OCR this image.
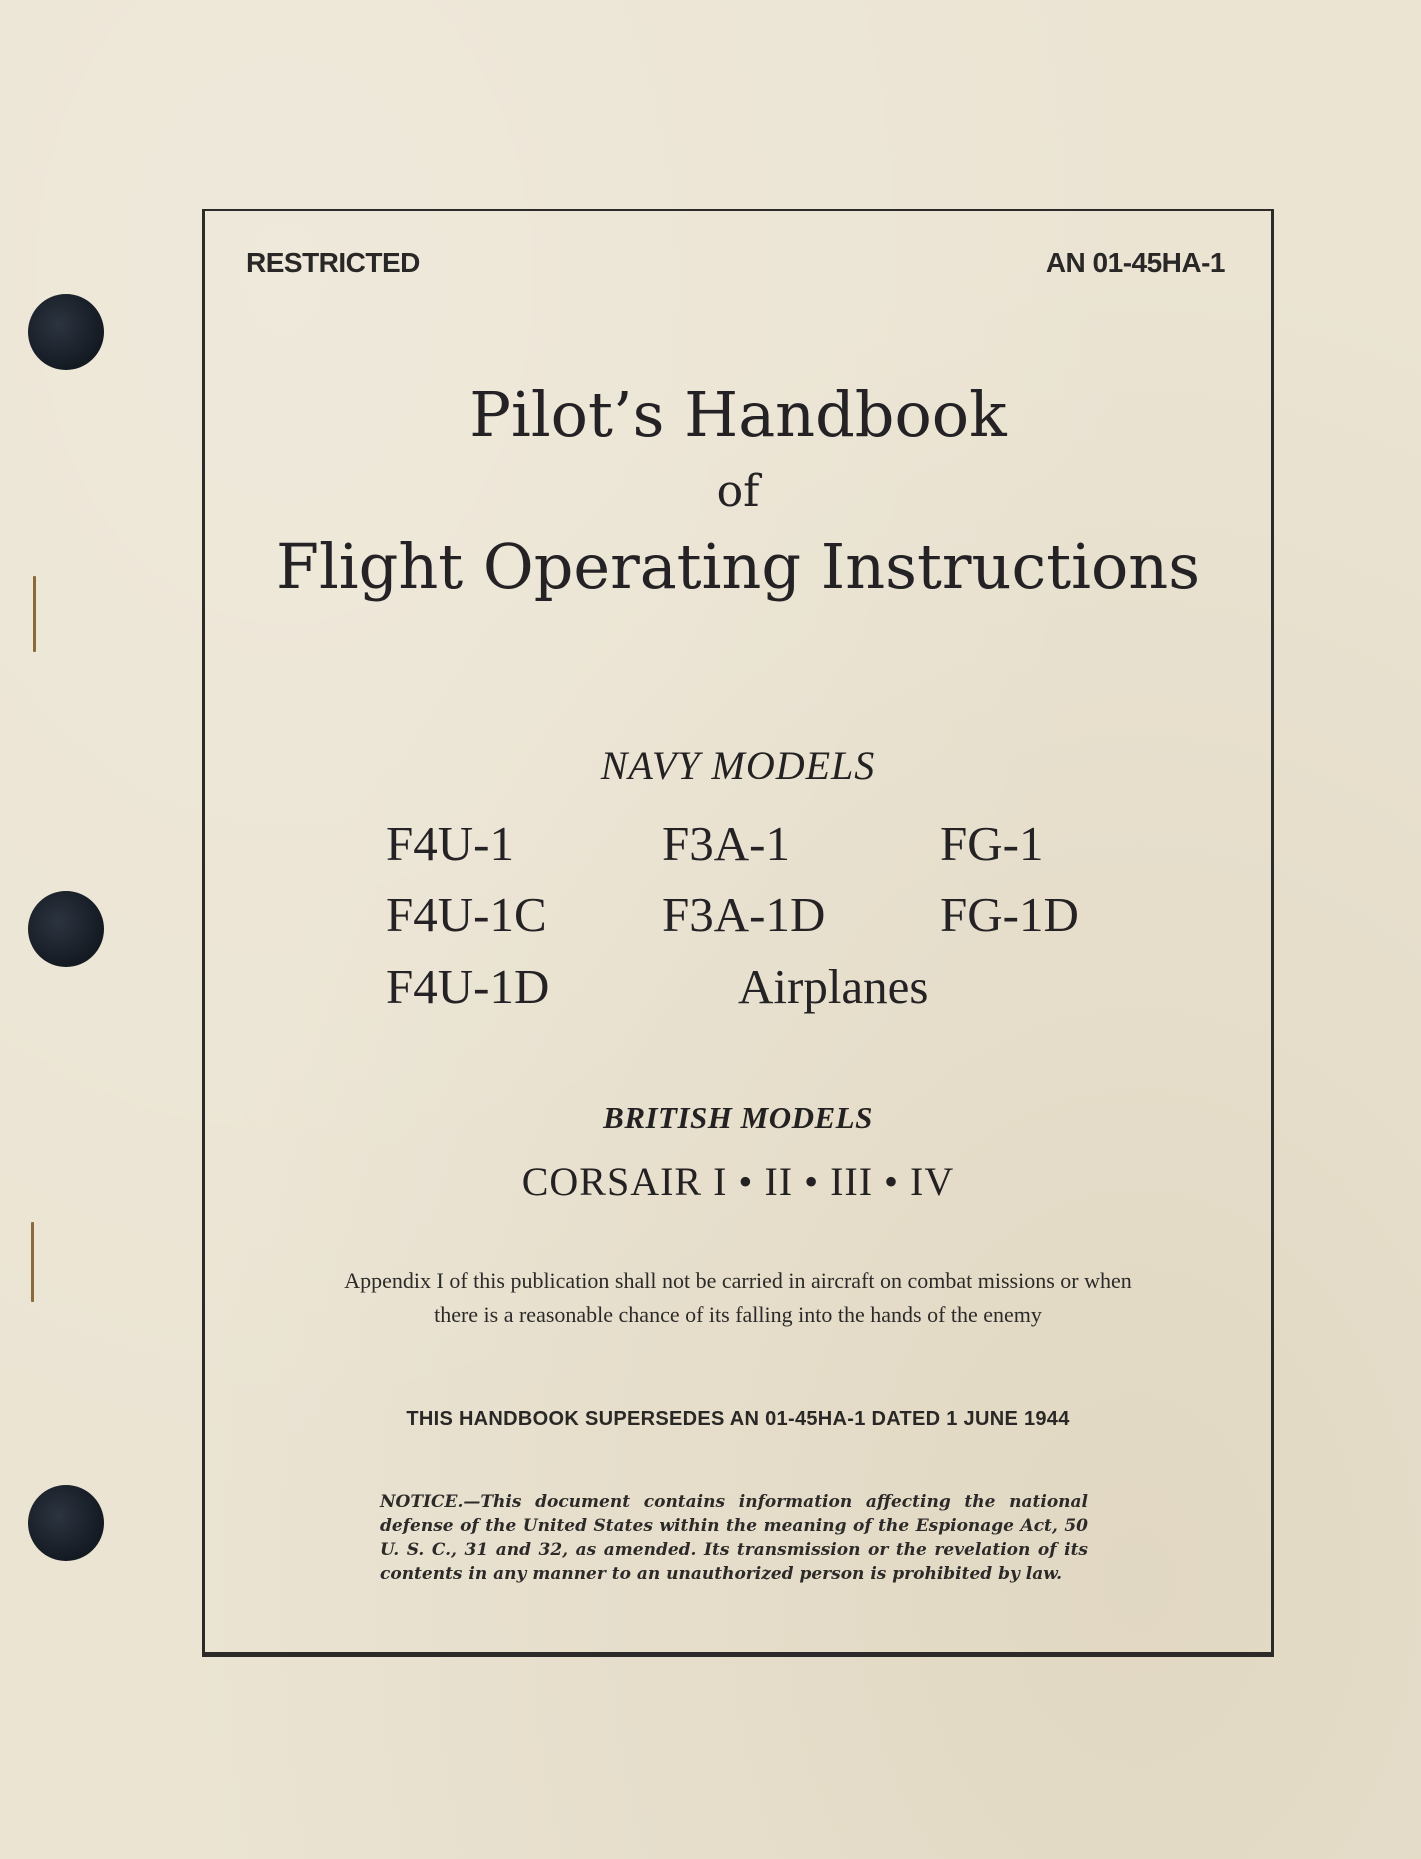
RESTRICTED	AN 01-45HA-1
Pilot’s Handbook
of
Flight Operating Instructions
NAVY MODELS
F4U-1	F3A-1	FG-1
F4U-1C F3A-1D FG-1D
F4U-1D	Airplanes
BRITISH MODELS
CORSAIR I • II • III • IV
Appendix I of this publication shall not be carried in aircraft on combat missions or when
there is a reasonable chance of its falling into the hands of the enemy
THIS HANDBOOK SUPERSEDES AN 01-45HA-1 DATED 1 JUNE 1944
NOTICE.—This document contains information affecting the national defense of the United States within the meaning of the Espionage Act, 50 U. S. C., 31 and 32, as amended. Its transmission or the revelation of its contents in any manner to an unauthorized person is prohibited by law.
